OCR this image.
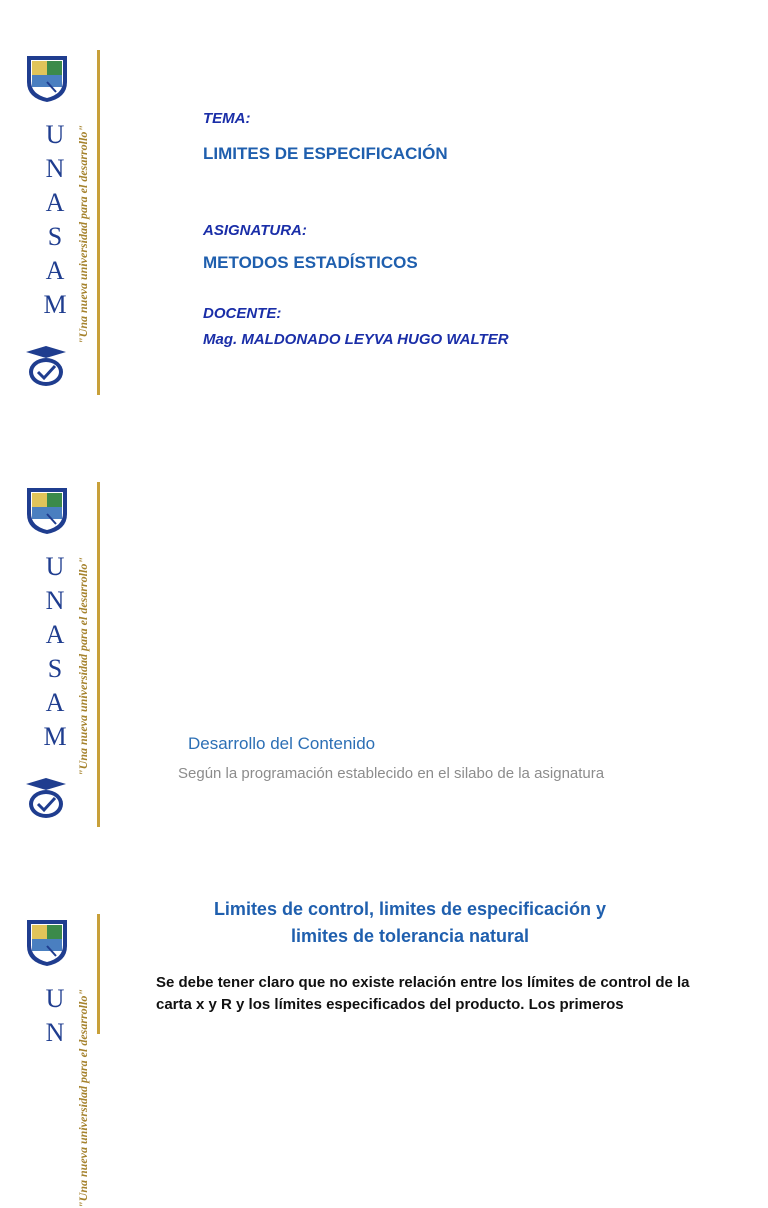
U
N
A
S
A
M "Una nueva universidad para el desarrollo"
TEMA:
LIMITES DE ESPECIFICACIÓN
ASIGNATURA:
METODOS ESTADÍSTICOS
DOCENTE:
Mag. MALDONADO LEYVA HUGO WALTER
U
N
A
S
A
M "Una nueva universidad para el desarrollo"	Desarrollo del Contenido
Según la programación establecido en el silabo de la asignatura
U
N "Una nueva universidad para el desarrollo"
Limites de control, limites de especificación y
limites de tolerancia natural
Se debe tener claro que no existe relación entre los límites de control de la carta x y R y los límites especificados del producto. Los primeros
